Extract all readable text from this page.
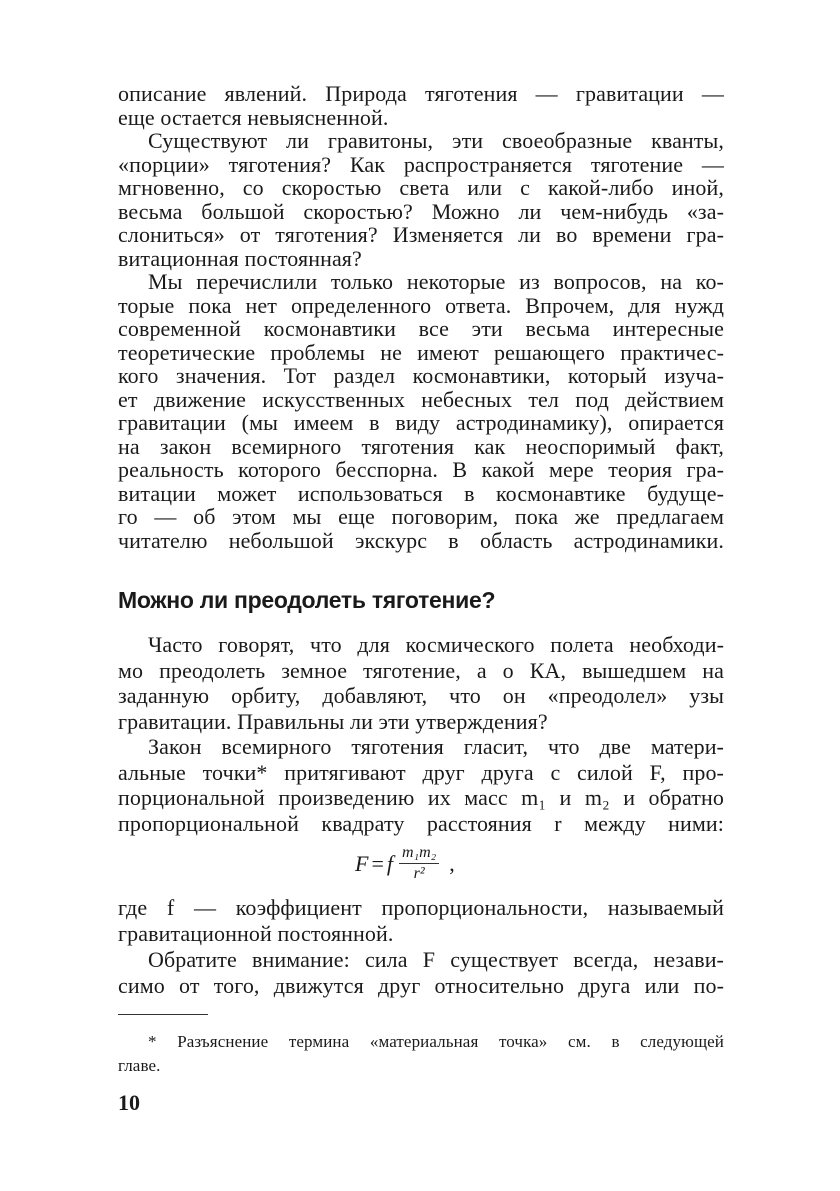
описание явлений. Природа тяготения — гравитации —
еще остается невыясненной.
Существуют ли гравитоны, эти своеобразные кванты,
«порции» тяготения? Как распространяется тяготение —
мгновенно, со скоростью света или с какой-либо иной,
весьма большой скоростью? Можно ли чем-нибудь «за-
слониться» от тяготения? Изменяется ли во времени гра-
витационная постоянная?
Мы перечислили только некоторые из вопросов, на ко-
торые пока нет определенного ответа. Впрочем, для нужд
современной космонавтики все эти весьма интересные
теоретические проблемы не имеют решающего практичес-
кого значения. Тот раздел космонавтики, который изуча-
ет движение искусственных небесных тел под действием
гравитации (мы имеем в виду астродинамику), опирается
на закон всемирного тяготения как неоспоримый факт,
реальность которого бесспорна. В какой мере теория гра-
витации может использоваться в космонавтике будуще-
го — об этом мы еще поговорим, пока же предлагаем
читателю небольшой экскурс в область астродинамики.
Можно ли преодолеть тяготение?
Часто говорят, что для космического полета необходи-
мо преодолеть земное тяготение, а о КА, вышедшем на
заданную орбиту, добавляют, что он «преодолел» узы
гравитации. Правильны ли эти утверждения?
Закон всемирного тяготения гласит, что две матери-
альные точки* притягивают друг друга с силой F, про-
порциональной произведению их масс m₁ и m₂ и обратно
пропорциональной квадрату расстояния r между ними:
F = f $\frac{\text{m₁m₂}}{\text{r²}}$ ,
где f — коэффициент пропорциональности, называемый
гравитационной постоянной.
Обратите внимание: сила F существует всегда, незави-
симо от того, движутся друг относительно друга или по-
* Разъяснение термина «материальная точка» см. в следующей
главе.
10
